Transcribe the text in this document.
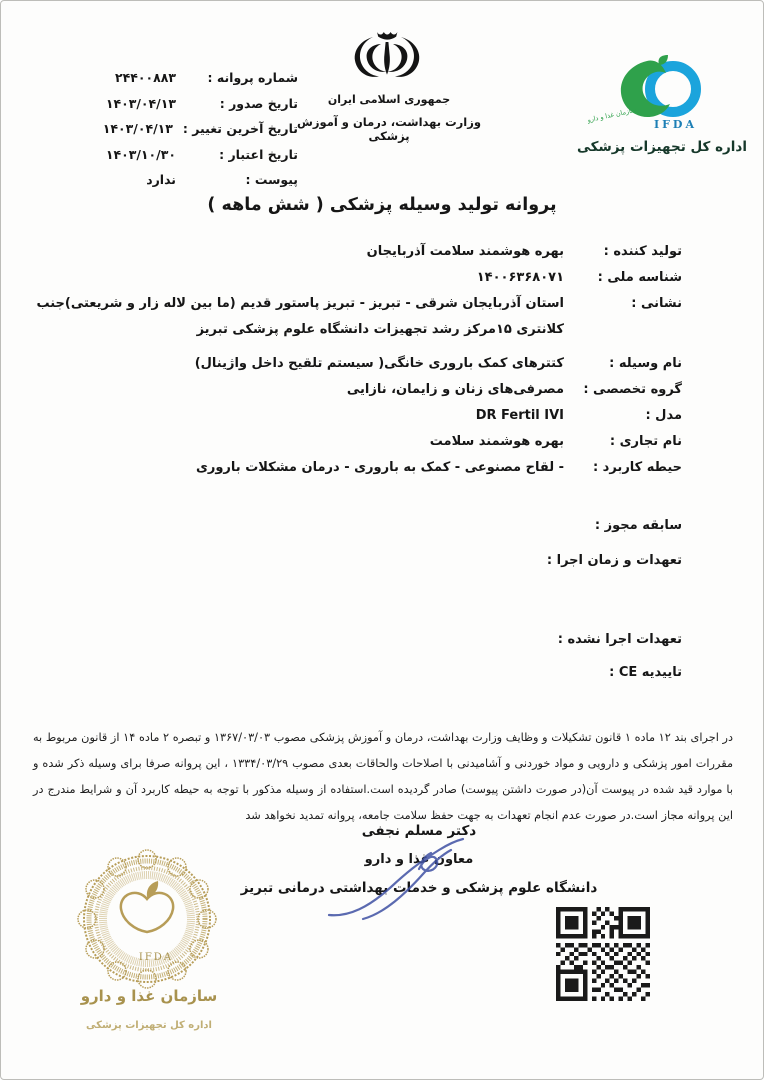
شماره پروانه :
۲۴۴۰۰۸۸۳
تاریخ صدور :
۱۴۰۳/۰۴/۱۳
تاریخ آخرین تغییر :
۱۴۰۳/۰۴/۱۳
تاریخ اعتبار :
۱۴۰۳/۱۰/۳۰
پیوست :
ندارد
جمهوری اسلامی ایران
وزارت بهداشت، درمان و آموزش پزشکی
سازمان غذا و دارو
IFDA
اداره کل تجهیزات پزشکی
پروانه تولید وسیله پزشکی ( شش ماهه )
تولید کننده :
بهره هوشمند سلامت آذربایجان
شناسه ملی :
۱۴۰۰۶۳۶۸۰۷۱
نشانی :
استان آذربایجان شرقی - تبریز - تبریز پاستور قدیم (ما بین لاله زار و شریعتی)جنب کلانتری ۱۵مرکز رشد تجهیزات دانشگاه علوم پزشکی تبریز
نام وسیله :
کتترهای کمک باروری خانگی( سیستم تلقیح داخل واژینال)
گروه تخصصی :
مصرفی‌های زنان و زایمان، نازایی
مدل :
DR Fertil IVI
نام تجاری :
بهره هوشمند سلامت
حیطه کاربرد :
- لقاح مصنوعی - کمک به باروری - درمان مشکلات باروری
سابقه مجوز :
تعهدات و زمان اجرا :
تعهدات اجرا نشده :
تاییدیه CE :
در اجرای بند ۱۲ ماده ۱ قانون تشکیلات و وظایف وزارت بهداشت، درمان و آموزش پزشکی مصوب ۱۳۶۷/۰۳/۰۳ و تبصره ۲ ماده ۱۴ از قانون مربوط به مقررات امور پزشکی و دارویی و مواد خوردنی و آشامیدنی با اصلاحات والحاقات بعدی مصوب ۱۳۳۴/۰۳/۲۹ ، این پروانه صرفا برای وسیله ذکر شده و با موارد قید شده در پیوست آن(در صورت داشتن پیوست) صادر گردیده است.استفاده از وسیله مذکور با توجه به حیطه کاربرد آن و شرایط مندرج در این پروانه مجاز است.در صورت عدم انجام تعهدات به جهت حفظ سلامت جامعه، پروانه تمدید نخواهد شد
دکتر مسلم نجفی
معاون غذا و دارو
دانشگاه علوم پزشکی و خدمات بهداشتی درمانی تبریز
IFDA
سازمان غذا و دارو
اداره کل تجهیزات پزشکی
